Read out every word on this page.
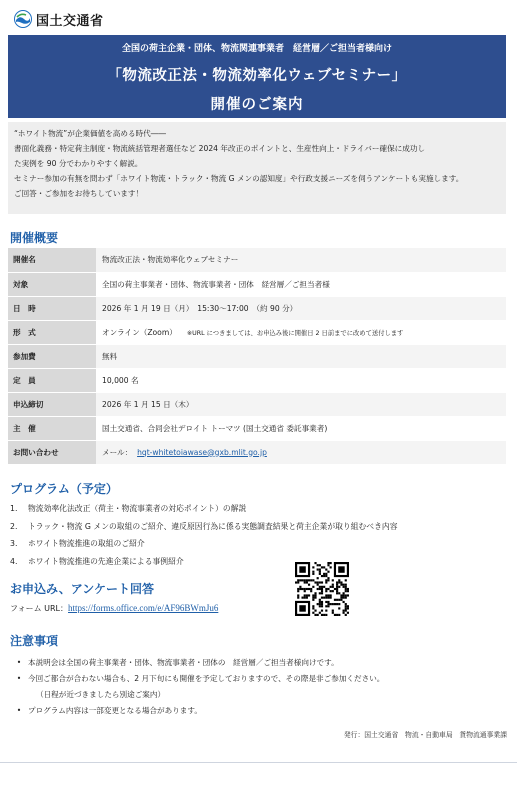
国土交通省
全国の荷主企業・団体、物流関連事業者　経営層／ご担当者様向け
「物流改正法・物流効率化ウェブセミナー」
開催のご案内
“ホワイト物流”が企業価値を高める時代――
書面化義務・特定荷主制度・物流統括管理者選任など 2024 年改正のポイントと、生産性向上・ドライバー確保に成功し
た実例を 90 分でわかりやすく解説。
セミナー参加の有無を問わず「ホワイト物流・トラック・物流 G メンの認知度」や行政支援ニーズを伺うアンケートも実施します。
ご回答・ご参加をお待ちしています！
開催概要
開催名	物流改正法・物流効率化ウェブセミナー
対象	全国の荷主事業者・団体、物流事業者・団体　経営層／ご担当者様
日　時	2026 年 1 月 19 日（月）　15:30～17:00　（約 90 分）
形　式	オンライン（Zoom） ※URL につきましては、お申込み後に開催日 2 日前までに改めて送付します
参加費	無料
定　員	10,000 名
申込締切	2026 年 1 月 15 日（木）
主　催	国土交通省、合同会社デロイト トーマツ (国土交通省 委託事業者)
お問い合わせ	メール： hqt-whitetoiawase@gxb.mlit.go.jp
プログラム（予定）
1. 物流効率化法改正（荷主・物流事業者の対応ポイント）の解説
2. トラック・物流 G メンの取組のご紹介、違反原因行為に係る実態調査結果と荷主企業が取り組むべき内容
3. ホワイト物流推進の取組のご紹介
4. ホワイト物流推進の先進企業による事例紹介
お申込み、アンケート回答
フォーム URL：https://forms.office.com/e/AF96BWmJu6
注意事項
• 本説明会は全国の荷主事業者・団体、物流事業者・団体の　経営層／ご担当者様向けです。
• 今回ご都合が合わない場合も、2 月下旬にも開催を予定しておりますので、その際是非ご参加ください。
（日程が近づきましたら別途ご案内）
• プログラム内容は一部変更となる場合があります。
発行：国土交通省　物流・自動車局　貨物流通事業課
